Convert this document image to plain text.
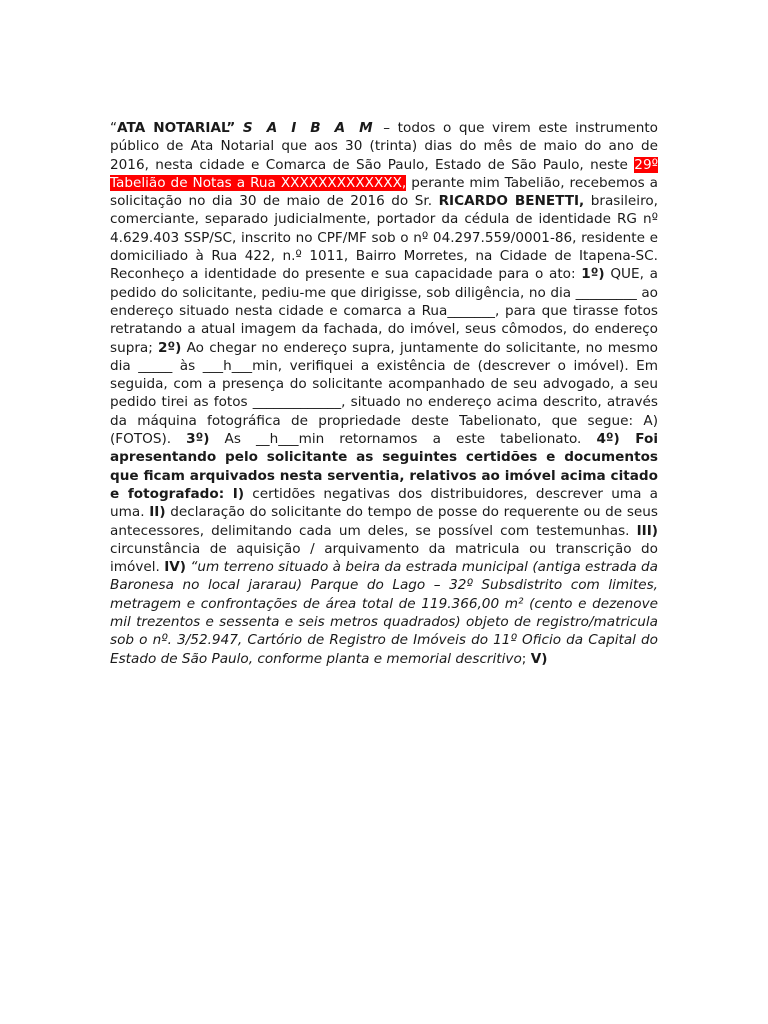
“ATA NOTARIAL” S A I B A M – todos o que virem este instrumento público de Ata Notarial que aos 30 (trinta) dias do mês de maio do ano de 2016, nesta cidade e Comarca de São Paulo, Estado de São Paulo, neste 29º Tabelião de Notas a Rua XXXXXXXXXXXXX, perante mim Tabelião, recebemos a solicitação no dia 30 de maio de 2016 do Sr. RICARDO BENETTI, brasileiro, comerciante, separado judicialmente, portador da cédula de identidade RG nº 4.629.403 SSP/SC, inscrito no CPF/MF sob o nº 04.297.559/0001-86, residente e domiciliado à Rua 422, n.º 1011, Bairro Morretes, na Cidade de Itapena-SC. Reconheço a identidade do presente e sua capacidade para o ato: 1º) QUE, a pedido do solicitante, pediu-me que dirigisse, sob diligência, no dia _________ ao endereço situado nesta cidade e comarca a Rua_______, para que tirasse fotos retratando a atual imagem da fachada, do imóvel, seus cômodos, do endereço supra; 2º) Ao chegar no endereço supra, juntamente do solicitante, no mesmo dia _____ às ___h___min, verifiquei a existência de (descrever o imóvel). Em seguida, com a presença do solicitante acompanhado de seu advogado, a seu pedido tirei as fotos _____________, situado no endereço acima descrito, através da máquina fotográfica de propriedade deste Tabelionato, que segue: A) (FOTOS). 3º) As __h___min retornamos a este tabelionato. 4º) Foi apresentando pelo solicitante as seguintes certidões e documentos que ficam arquivados nesta serventia, relativos ao imóvel acima citado e fotografado: I) certidões negativas dos distribuidores, descrever uma a uma. II) declaração do solicitante do tempo de posse do requerente ou de seus antecessores, delimitando cada um deles, se possível com testemunhas. III) circunstância de aquisição / arquivamento da matricula ou transcrição do imóvel. IV) “um terreno situado à beira da estrada municipal (antiga estrada da Baronesa no local jararau) Parque do Lago – 32º Subsdistrito com limites, metragem e confrontações de área total de 119.366,00 m² (cento e dezenove mil trezentos e sessenta e seis metros quadrados) objeto de registro/matricula sob o nº. 3/52.947, Cartório de Registro de Imóveis do 11º Oficio da Capital do Estado de São Paulo, conforme planta e memorial descritivo; V)
